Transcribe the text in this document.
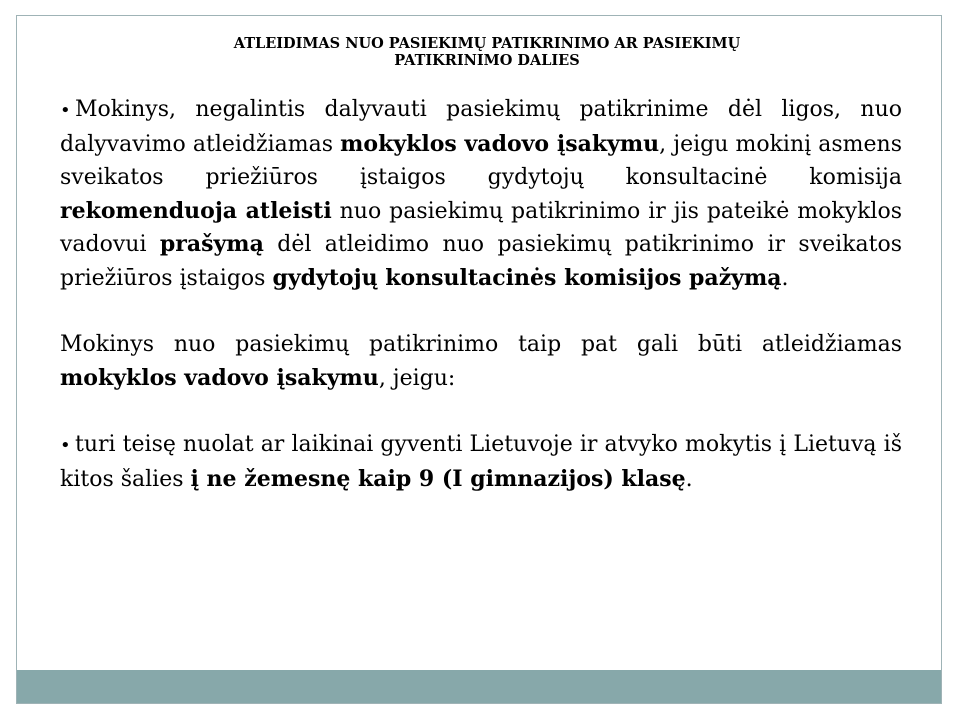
ATLEIDIMAS NUO PASIEKIMŲ PATIKRINIMO AR PASIEKIMŲ
PATIKRINIMO DALIES

• Mokinys, negalintis dalyvauti pasiekimų patikrinime dėl ligos, nuo dalyvavimo atleidžiamas mokyklos vadovo įsakymu, jeigu mokinį asmens sveikatos priežiūros įstaigos gydytojų konsultacinė komisija rekomenduoja atleisti nuo pasiekimų patikrinimo ir jis pateikė mokyklos vadovui prašymą dėl atleidimo nuo pasiekimų patikrinimo ir sveikatos priežiūros įstaigos gydytojų konsultacinės komisijos pažymą.

Mokinys nuo pasiekimų patikrinimo taip pat gali būti atleidžiamas mokyklos vadovo įsakymu, jeigu:

• turi teisę nuolat ar laikinai gyventi Lietuvoje ir atvyko mokytis į Lietuvą iš kitos šalies į ne žemesnę kaip 9 (I gimnazijos) klasę.
